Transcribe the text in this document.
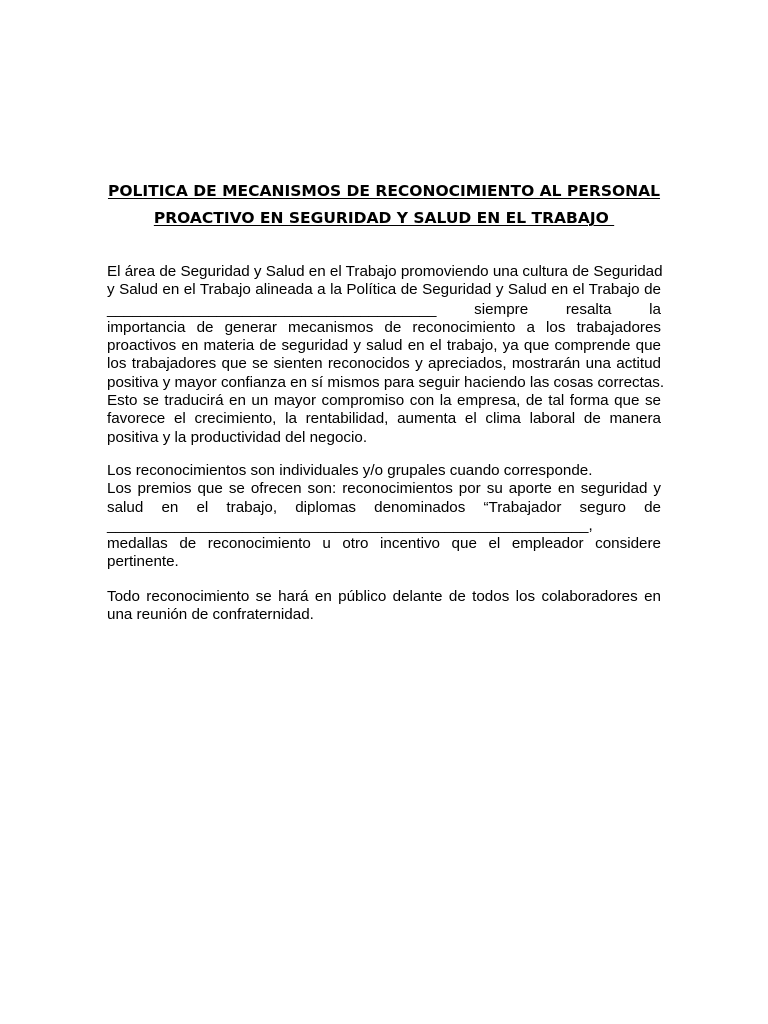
POLITICA DE MECANISMOS DE RECONOCIMIENTO AL PERSONAL
PROACTIVO EN SEGURIDAD Y SALUD EN EL TRABAJO

El área de Seguridad y Salud en el Trabajo promoviendo una cultura de Seguridad
y Salud en el Trabajo alineada a la Política de Seguridad y Salud en el Trabajo de
_______________________________________ siempre resalta la
importancia de generar mecanismos de reconocimiento a los trabajadores
proactivos en materia de seguridad y salud en el trabajo, ya que comprende que
los trabajadores que se sienten reconocidos y apreciados, mostrarán una actitud
positiva y mayor confianza en sí mismos para seguir haciendo las cosas correctas.
Esto se traducirá en un mayor compromiso con la empresa, de tal forma que se
favorece el crecimiento, la rentabilidad, aumenta el clima laboral de manera
positiva y la productividad del negocio.

Los reconocimientos son individuales y/o grupales cuando corresponde.
Los premios que se ofrecen son: reconocimientos por su aporte en seguridad y
salud en el trabajo, diplomas denominados “Trabajador seguro de
_________________________________________________________,
medallas de reconocimiento u otro incentivo que el empleador considere
pertinente.

Todo reconocimiento se hará en público delante de todos los colaboradores en
una reunión de confraternidad.
